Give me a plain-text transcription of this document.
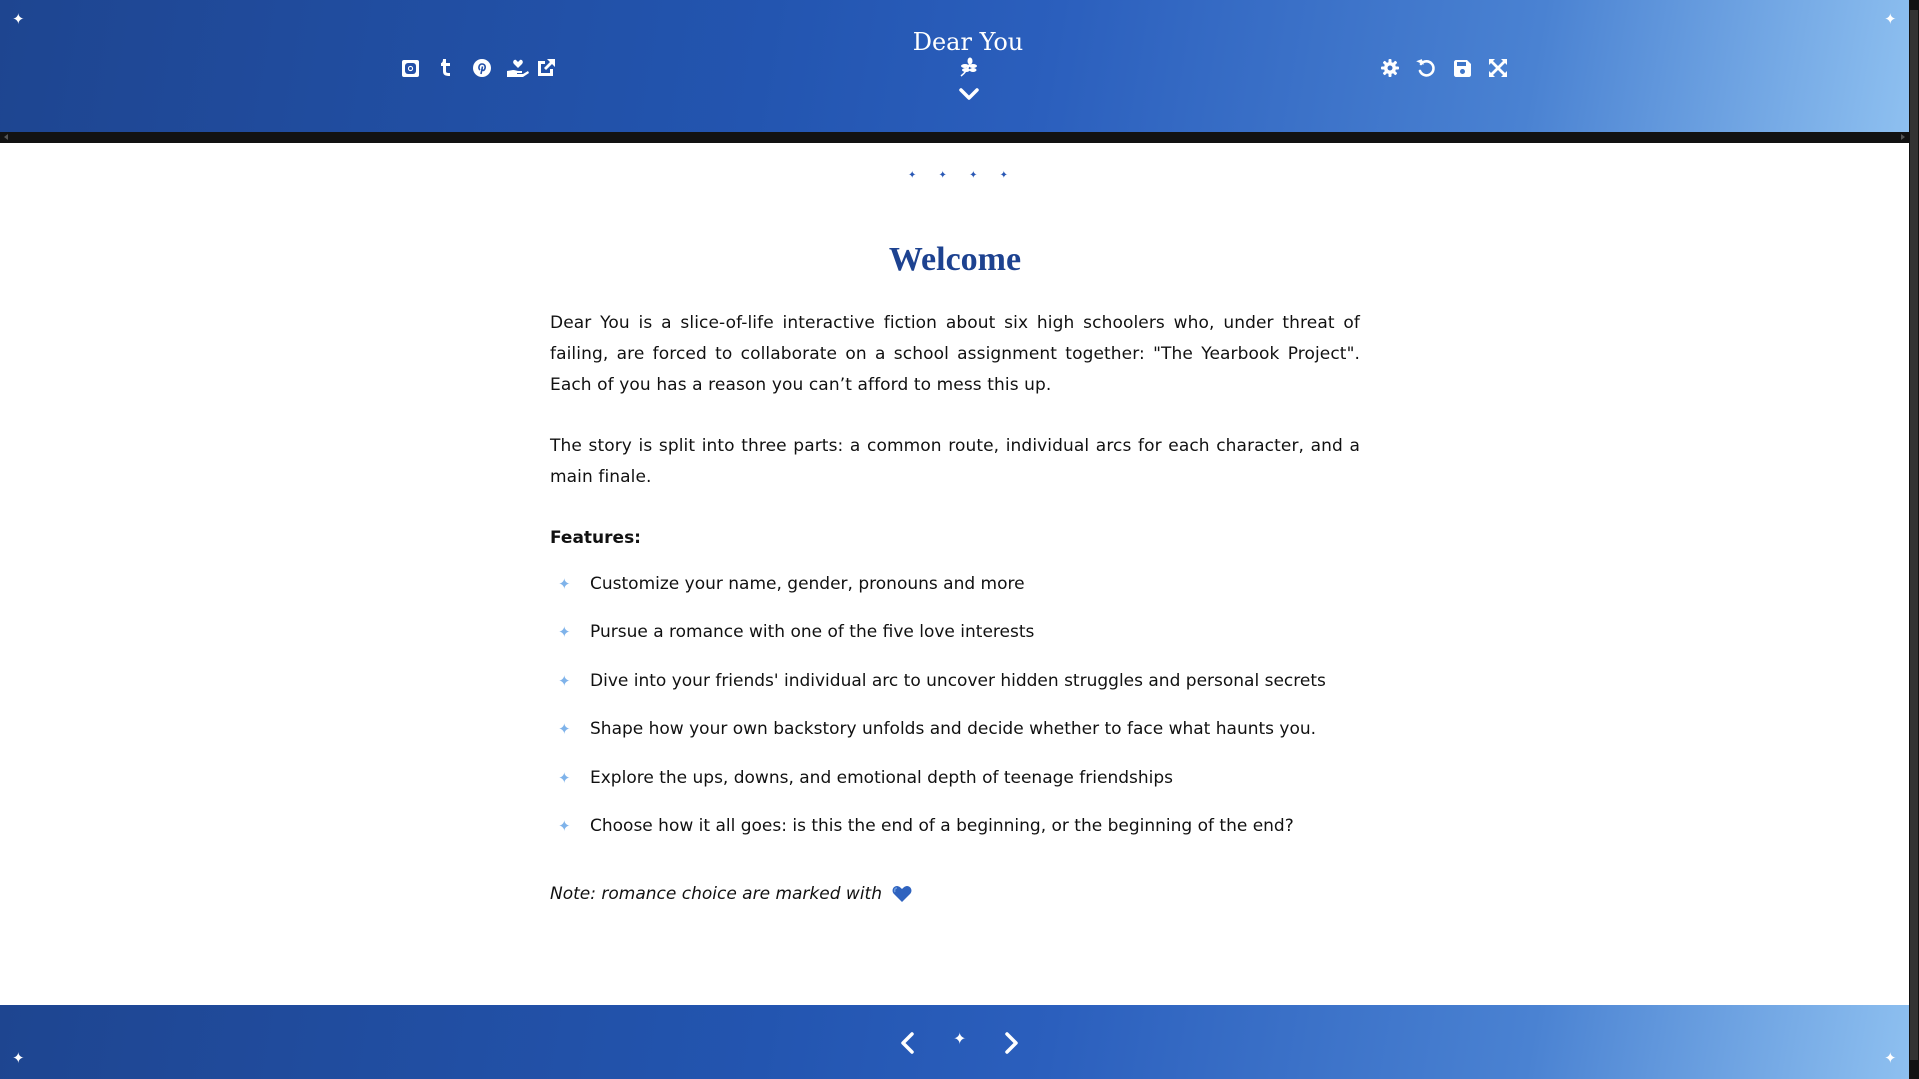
✦	✦
Dear You
✦ ✦ ✦ ✦
Welcome

Dear You is a slice-of-life interactive fiction about six high schoolers who, under threat of failing, are forced to collaborate on a school assignment together: "The Yearbook Project". Each of you has a reason you can’t afford to mess this up.

The story is split into three parts: a common route, individual arcs for each character, and a main finale.

Features:
✦	Customize your name, gender, pronouns and more
✦	Pursue a romance with one of the five love interests
✦	Dive into your friends' individual arc to uncover hidden struggles and personal secrets
✦	Shape how your own backstory unfolds and decide whether to face what haunts you.
✦	Explore the ups, downs, and emotional depth of teenage friendships
✦	Choose how it all goes: is this the end of a beginning, or the beginning of the end?
Note: romance choice are marked with
✦	✦
✦
